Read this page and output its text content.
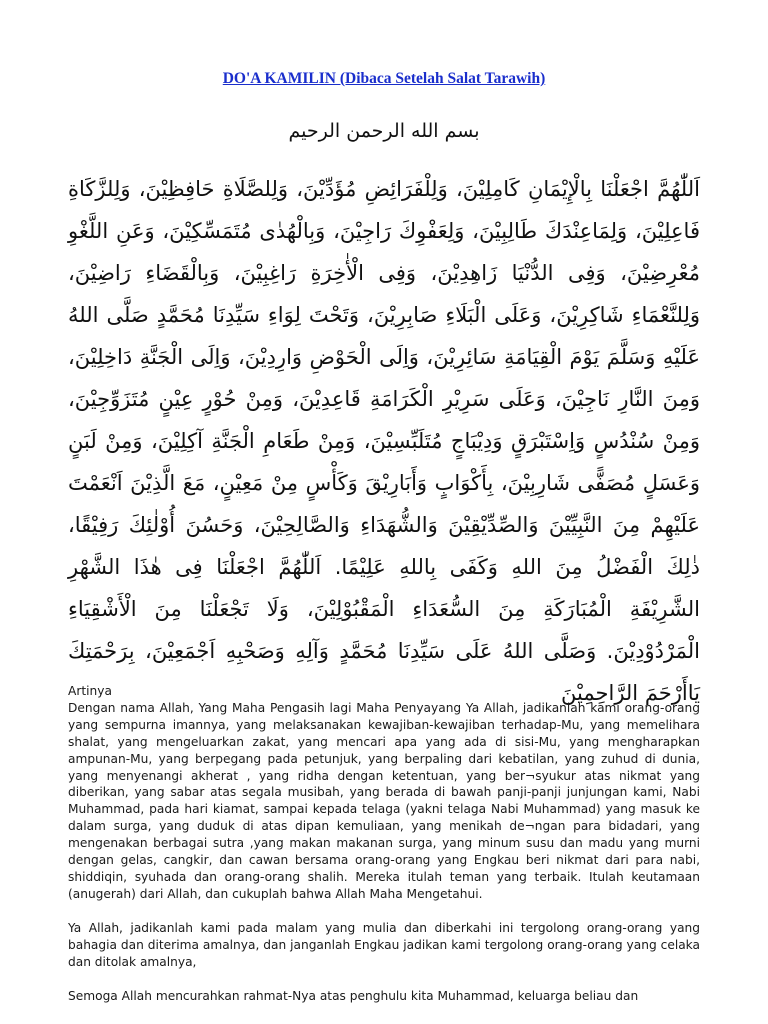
DO'A KAMILIN (Dibaca Setelah Salat Tarawih)
بسم الله الرحمن الرحيم
اَللّٰهُمَّ اجْعَلْنَا بِالْإِيْمَانِ كَامِلِيْنَ، وَلِلْفَرَائِضِ مُؤَدِّيْنَ، وَلِلصَّلَاةِ حَافِظِيْنَ، وَلِلزَّكَاةِ فَاعِلِيْنَ، وَلِمَاعِنْدَكَ طَالِبِيْنَ، وَلِعَفْوِكَ رَاجِيْنَ، وَبِالْهُدٰى مُتَمَسِّكِيْنَ، وَعَنِ اللَّغْوِ مُعْرِضِيْنَ، وَفِى الدُّنْيَا زَاهِدِيْنَ، وَفِى الْأٰخِرَةِ رَاغِبِيْنَ، وَبِالْقَضَاءِ رَاضِيْنَ، وَلِلنَّعْمَاءِ شَاكِرِيْنَ، وَعَلَى الْبَلَاءِ صَابِرِيْنَ، وَتَحْتَ لِوَاءِ سَيِّدِنَا مُحَمَّدٍ صَلَّى اللهُ عَلَيْهِ وَسَلَّمَ يَوْمَ الْقِيَامَةِ سَائِرِيْنَ، وَاِلَى الْحَوْضِ وَارِدِيْنَ، وَاِلَى الْجَنَّةِ دَاخِلِيْنَ، وَمِنَ النَّارِ نَاجِيْنَ، وَعَلَى سَرِيْرِ الْكَرَامَةِ قَاعِدِيْنَ، وَمِنْ حُوْرٍ عِيْنٍ مُتَزَوِّجِيْنَ، وَمِنْ سُنْدُسٍ وَاِسْتَبْرَقٍ وَدِيْبَاجٍ مُتَلَبِّسِيْنَ، وَمِنْ طَعَامِ الْجَنَّةِ آكِلِيْنَ، وَمِنْ لَبَنٍ وَعَسَلٍ مُصَفًّى شَارِبِيْنَ، بِأَكْوَابٍ وَأَبَارِيْقَ وَكَأْسٍ مِنْ مَعِيْنٍ، مَعَ الَّذِيْنَ اَنْعَمْتَ عَلَيْهِمْ مِنَ النَّبِيِّيْنَ وَالصِّدِّيْقِيْنَ وَالشُّهَدَاءِ وَالصَّالِحِيْنَ، وَحَسُنَ أُوْلٰئِكَ رَفِيْقًا، ذٰلِكَ الْفَضْلُ مِنَ اللهِ وَكَفَى بِاللهِ عَلِيْمًا. اَللّٰهُمَّ اجْعَلْنَا فِى هٰذَا الشَّهْرِ الشَّرِيْفَةِ الْمُبَارَكَةِ مِنَ السُّعَدَاءِ الْمَقْبُوْلِيْنَ، وَلَا تَجْعَلْنَا مِنَ الْأَشْقِيَاءِ الْمَرْدُوْدِيْنَ. وَصَلَّى اللهُ عَلَى سَيِّدِنَا مُحَمَّدٍ وَآلِهِ وَصَحْبِهِ اَجْمَعِيْنَ، بِرَحْمَتِكَ يَاأَرْحَمَ الرَّاحِمِيْنَ
Artinya

Dengan nama Allah, Yang Maha Pengasih lagi Maha Penyayang Ya Allah, jadikanlah kami orang-orang yang sempurna imannya, yang melaksanakan kewajiban-kewajiban terhadap-Mu, yang memelihara shalat, yang mengeluarkan zakat, yang mencari apa yang ada di sisi-Mu, yang mengharapkan ampunan-Mu, yang berpegang pada petunjuk, yang berpaling dari kebatilan, yang zuhud di dunia, yang menyenangi akherat , yang ridha dengan ketentuan, yang ber¬syukur atas nikmat yang diberikan, yang sabar atas segala musibah, yang berada di bawah panji-panji junjungan kami, Nabi Muhammad, pada hari kiamat, sampai kepada telaga (yakni telaga Nabi Muhammad) yang masuk ke dalam surga, yang duduk di atas dipan kemuliaan, yang menikah de¬ngan para bidadari, yang mengenakan berbagai sutra ,yang makan makanan surga, yang minum susu dan madu yang murni dengan gelas, cangkir, dan cawan bersama orang-orang yang Engkau beri nikmat dari para nabi, shiddiqin, syuhada dan orang-orang shalih. Mereka itulah teman yang terbaik. Itulah keutamaan (anugerah) dari Allah, dan cukuplah bahwa Allah Maha Mengetahui.

Ya Allah, jadikanlah kami pada malam yang mulia dan diberkahi ini tergolong orang-orang yang bahagia dan diterima amalnya, dan janganlah Engkau jadikan kami tergolong orang-orang yang celaka dan ditolak amalnya,

Semoga Allah mencurahkan rahmat-Nya atas penghulu kita Muhammad, keluarga beliau dan
